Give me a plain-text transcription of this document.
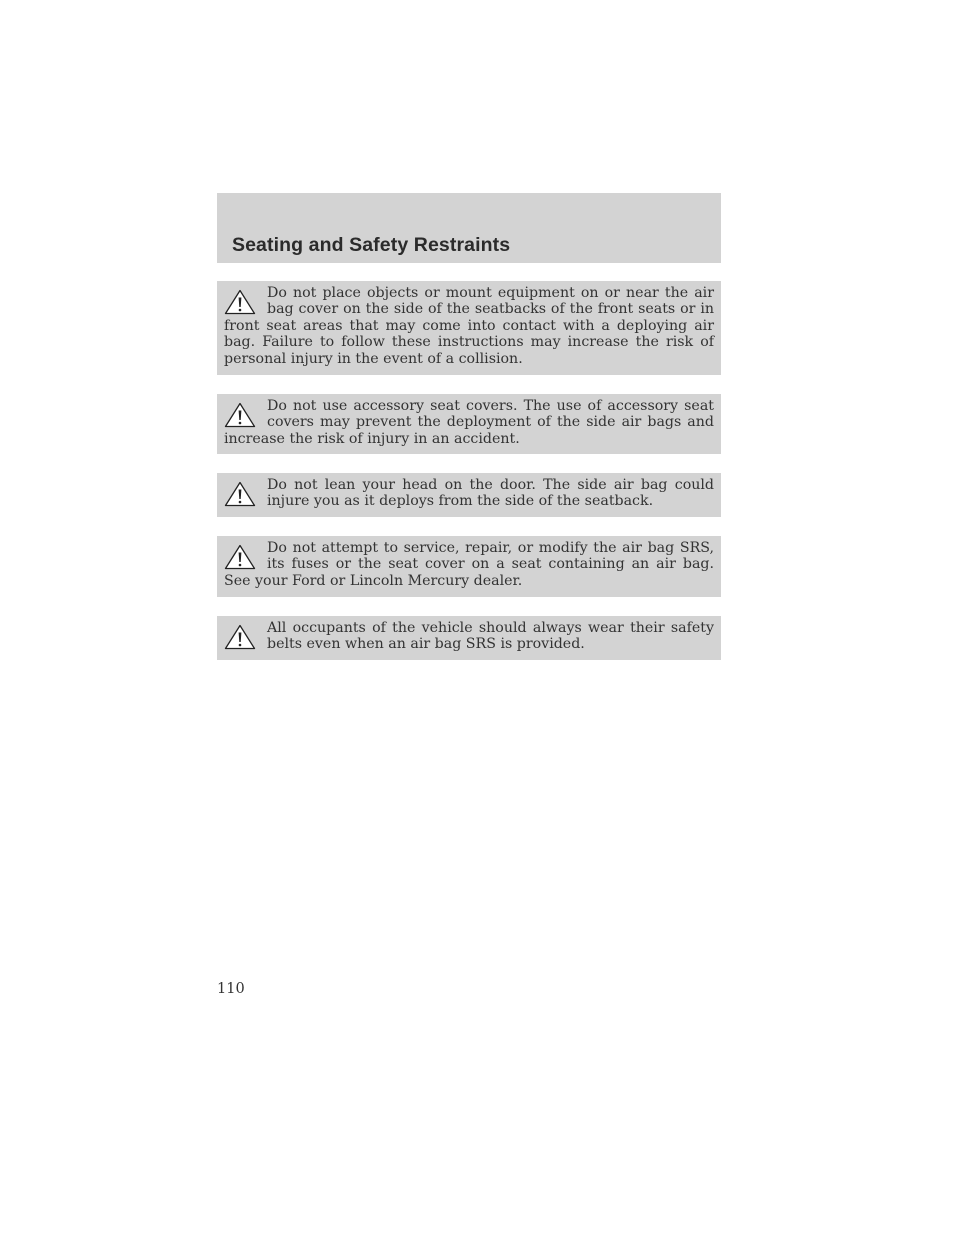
Seating and Safety Restraints

Do not place objects or mount equipment on or near the air bag cover on the side of the seatbacks of the front seats or in front seat areas that may come into contact with a deploying air bag. Failure to follow these instructions may increase the risk of personal injury in the event of a collision.

Do not use accessory seat covers. The use of accessory seat covers may prevent the deployment of the side air bags and increase the risk of injury in an accident.

Do not lean your head on the door. The side air bag could injure you as it deploys from the side of the seatback.

Do not attempt to service, repair, or modify the air bag SRS, its fuses or the seat cover on a seat containing an air bag. See your Ford or Lincoln Mercury dealer.

All occupants of the vehicle should always wear their safety belts even when an air bag SRS is provided.

110
